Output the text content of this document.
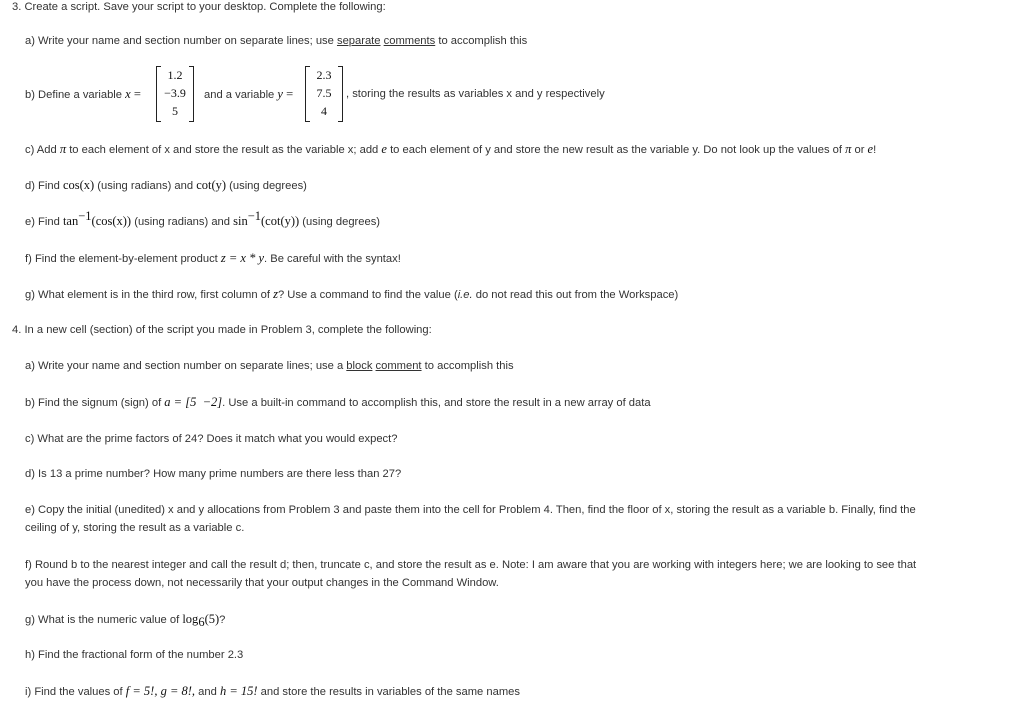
3. Create a script. Save your script to your desktop. Complete the following:
a) Write your name and section number on separate lines; use separate comments to accomplish this
b) Define a variable x =
1.2
−3.9
5
and a variable y =
2.3
7.5
4
, storing the results as variables x and y respectively
c) Add π to each element of x and store the result as the variable x; add e to each element of y and store the new result as the variable y. Do not look up the values of π or e!
d) Find cos(x) (using radians) and cot(y) (using degrees)
e) Find $\tan^{-1}(\cos(x))$ (using radians) and $\sin^{-1}(\cot(y))$ (using degrees)
f) Find the element-by-element product z = x * y. Be careful with the syntax!
g) What element is in the third row, first column of z? Use a command to find the value (i.e. do not read this out from the Workspace)
4. In a new cell (section) of the script you made in Problem 3, complete the following:
a) Write your name and section number on separate lines; use a block comment to accomplish this
b) Find the signum (sign) of a = [5  −2]. Use a built-in command to accomplish this, and store the result in a new array of data
c) What are the prime factors of 24? Does it match what you would expect?
d) Is 13 a prime number? How many prime numbers are there less than 27?
e) Copy the initial (unedited) x and y allocations from Problem 3 and paste them into the cell for Problem 4. Then, find the floor of x, storing the result as a variable b. Finally, find the
ceiling of y, storing the result as a variable c.
f) Round b to the nearest integer and call the result d; then, truncate c, and store the result as e. Note: I am aware that you are working with integers here; we are looking to see that
you have the process down, not necessarily that your output changes in the Command Window.
g) What is the numeric value of $\log_6(5)$?
h) Find the fractional form of the number 2.3
i) Find the values of f = 5!, g = 8!, and h = 15! and store the results in variables of the same names
